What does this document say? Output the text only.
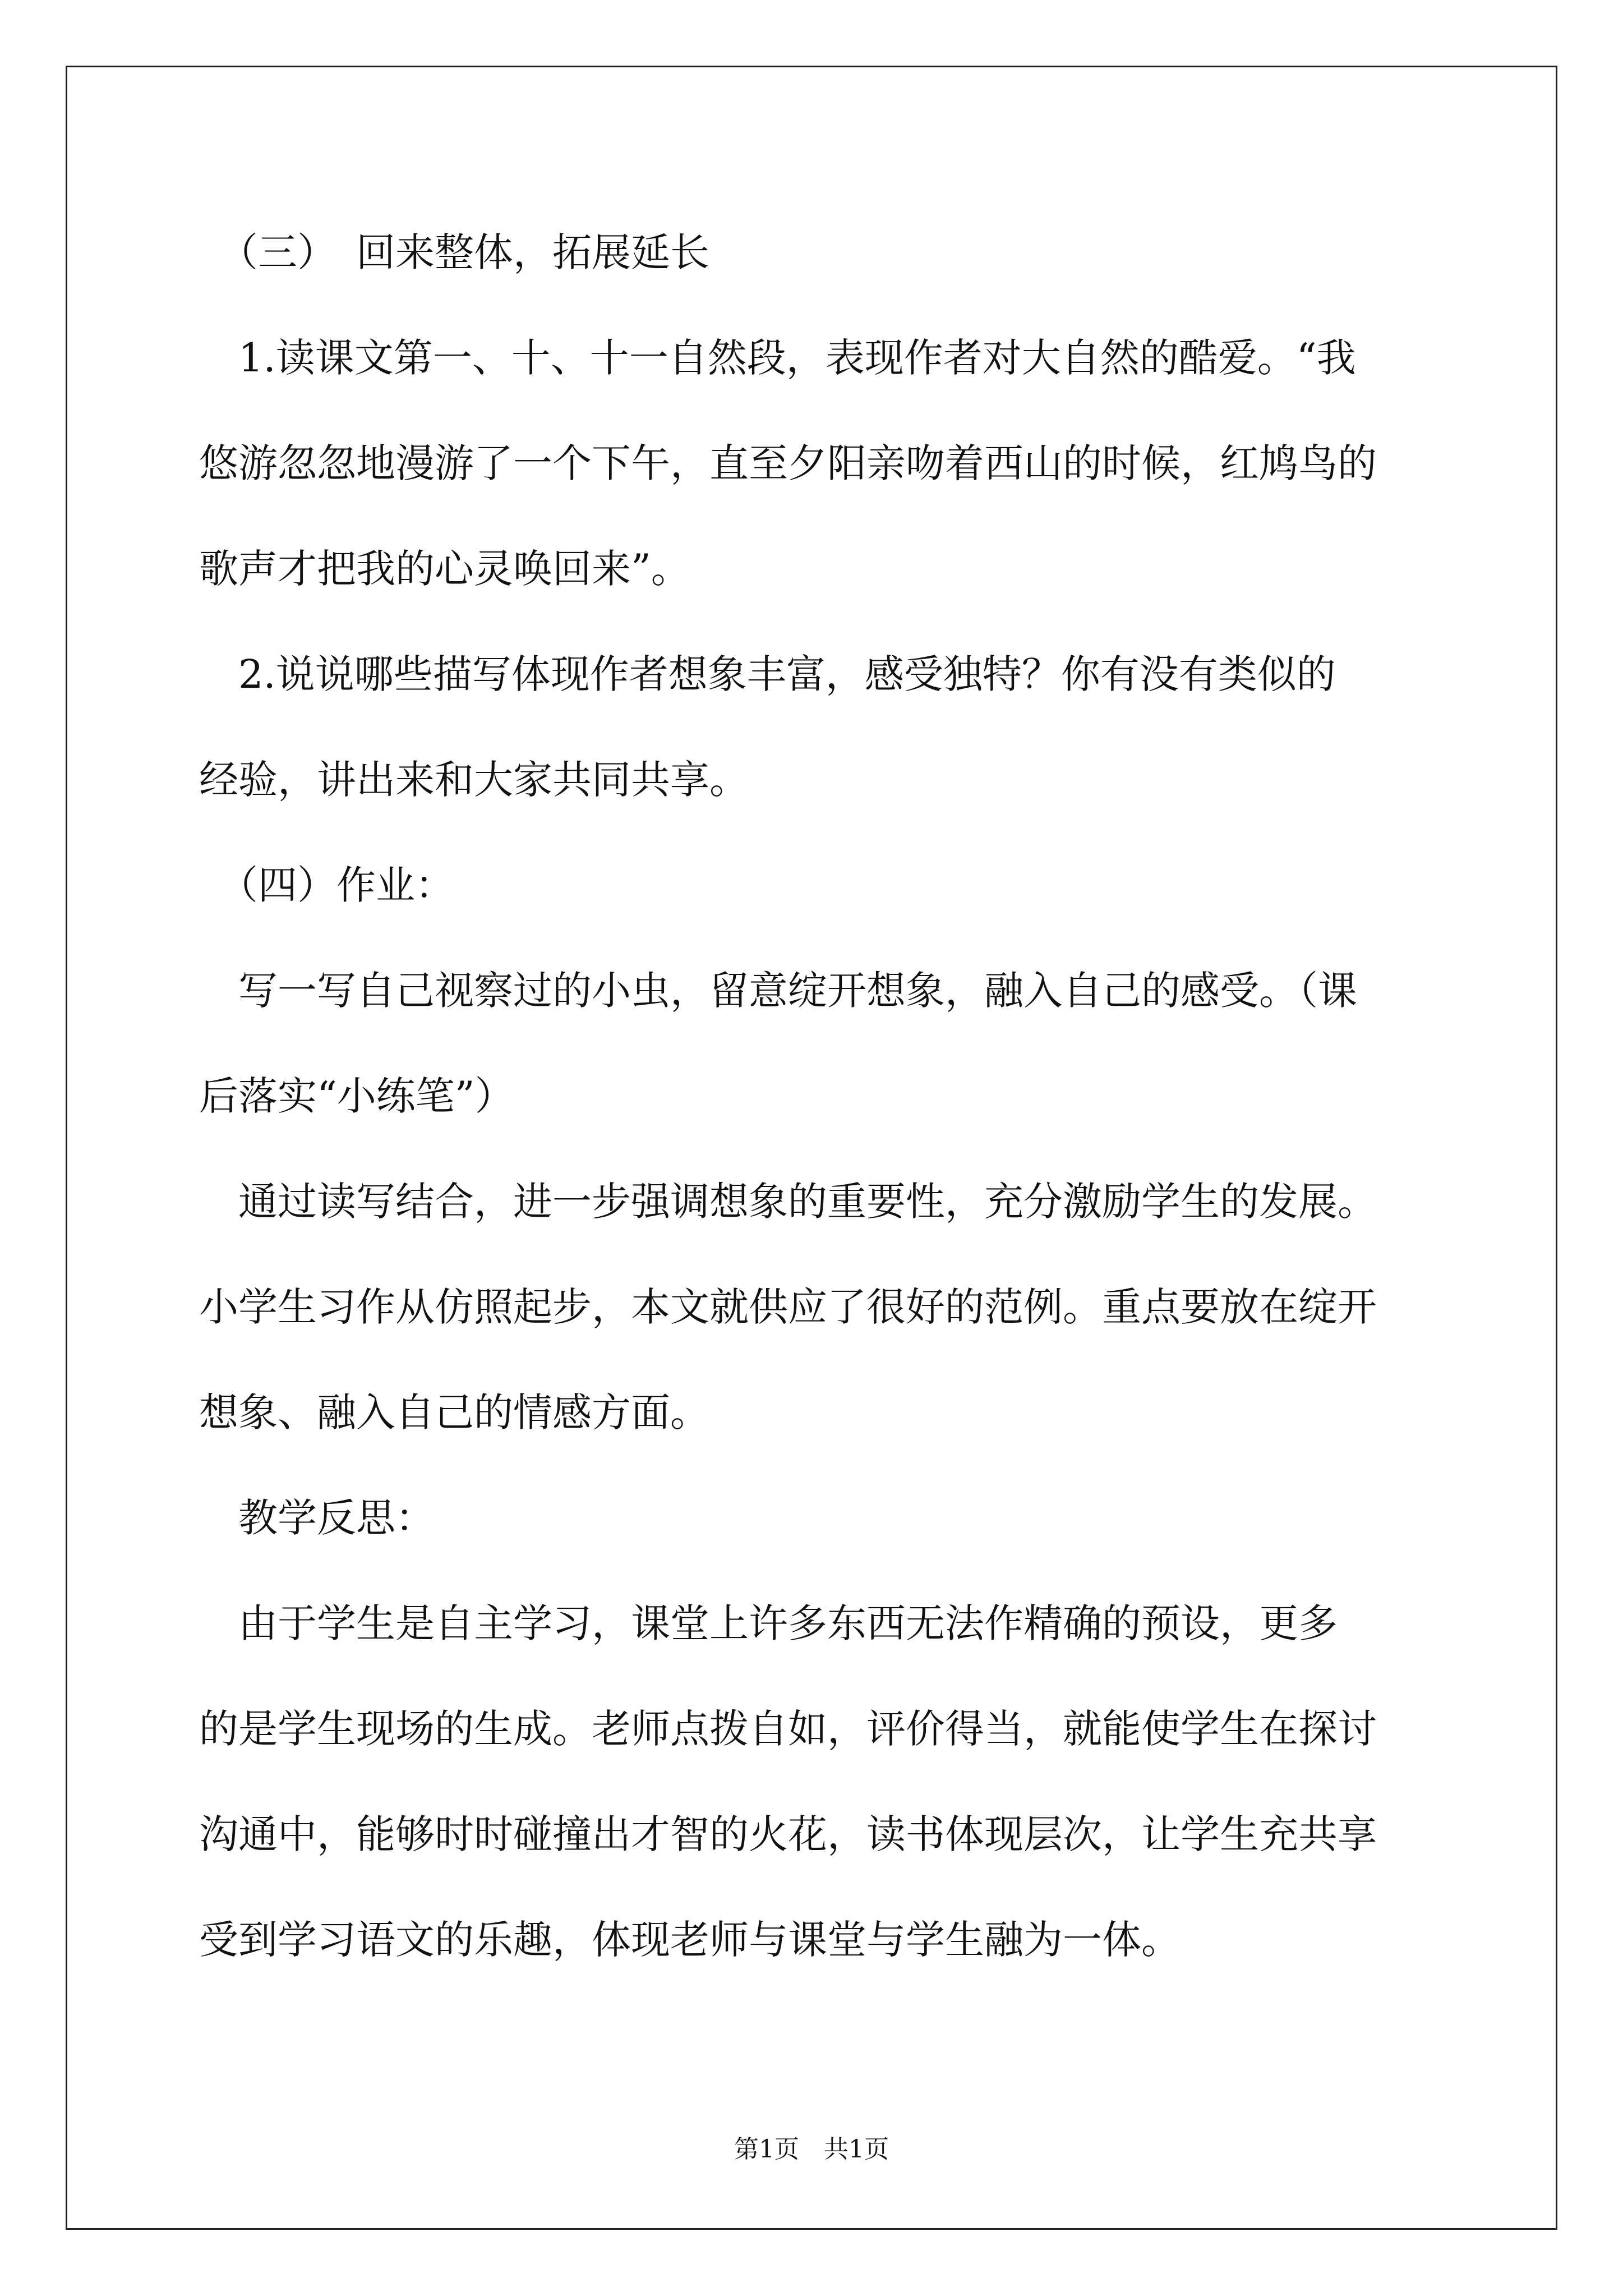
　（三）　回来整体，拓展延长
　1.读课文第一、十、十一自然段，表现作者对大自然的酷爱。“我
悠游忽忽地漫游了一个下午，直至夕阳亲吻着西山的时候，红鸠鸟的
歌声才把我的心灵唤回来”。
　2.说说哪些描写体现作者想象丰富，感受独特？你有没有类似的
经验，讲出来和大家共同共享。
　（四）作业：
　写一写自己视察过的小虫，留意绽开想象，融入自己的感受。（课
后落实“小练笔”）
　通过读写结合，进一步强调想象的重要性，充分激励学生的发展。
小学生习作从仿照起步，本文就供应了很好的范例。重点要放在绽开
想象、融入自己的情感方面。
　教学反思：
　由于学生是自主学习，课堂上许多东西无法作精确的预设，更多
的是学生现场的生成。老师点拨自如，评价得当，就能使学生在探讨
沟通中，能够时时碰撞出才智的火花，读书体现层次，让学生充共享
受到学习语文的乐趣，体现老师与课堂与学生融为一体。
第1页　共1页
